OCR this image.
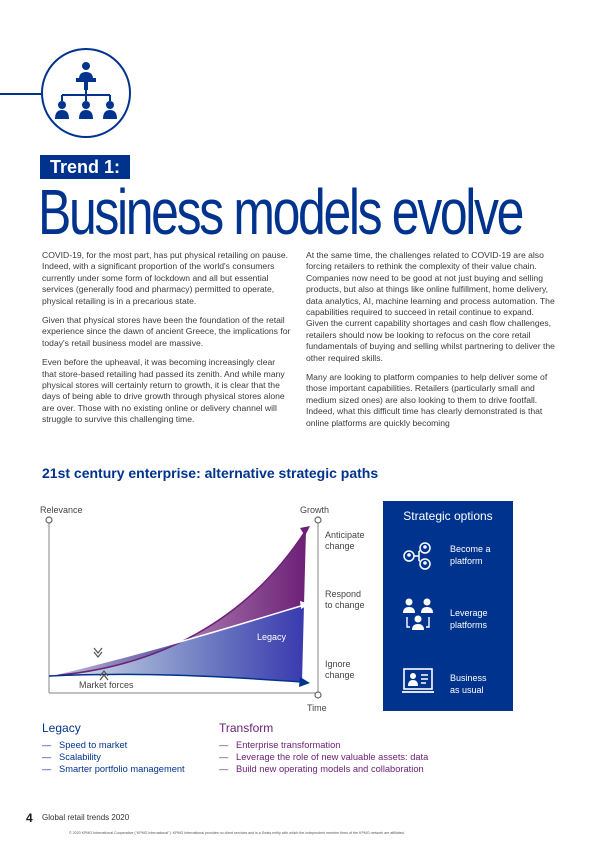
Trend 1:
Business models evolve

COVID-19, for the most part, has put physical retailing on pause. Indeed, with a significant proportion of the world's consumers currently under some form of lockdown and all but essential services (generally food and pharmacy) permitted to operate, physical retailing is in a precarious state.

Given that physical stores have been the foundation of the retail experience since the dawn of ancient Greece, the implications for today's retail business model are massive.

Even before the upheaval, it was becoming increasingly clear that store-based retailing had passed its zenith. And while many physical stores will certainly return to growth, it is clear that the days of being able to drive growth through physical stores alone are over. Those with no existing online or delivery channel will struggle to survive this challenging time.

At the same time, the challenges related to COVID-19 are also forcing retailers to rethink the complexity of their value chain. Companies now need to be good at not just buying and selling products, but also at things like online fulfillment, home delivery, data analytics, AI, machine learning and process automation. The capabilities required to succeed in retail continue to expand. Given the current capability shortages and cash flow challenges, retailers should now be looking to refocus on the core retail fundamentals of buying and selling whilst partnering to deliver the other required skills.

Many are looking to platform companies to help deliver some of those important capabilities. Retailers (particularly small and medium sized ones) are also looking to them to drive footfall. Indeed, what this difficult time has clearly demonstrated is that online platforms are quickly becoming

21st century enterprise: alternative strategic paths
Relevance	Growth
Time
Anticipate
change
Respond
to change
Ignore
change
Legacy
Market forces
Strategic options
Become a
platform
Leverage
platforms
Business
as usual
Legacy
—   Speed to market
—   Scalability
—   Smarter portfolio management
Transform
—   Enterprise transformation
—   Leverage the role of new valuable assets: data
—   Build new operating models and collaboration
4 Global retail trends 2020
© 2020 KPMG International Cooperative ("KPMG International"). KPMG International provides no client services and is a Swiss entity with which the independent member firms of the KPMG network are affiliated.
